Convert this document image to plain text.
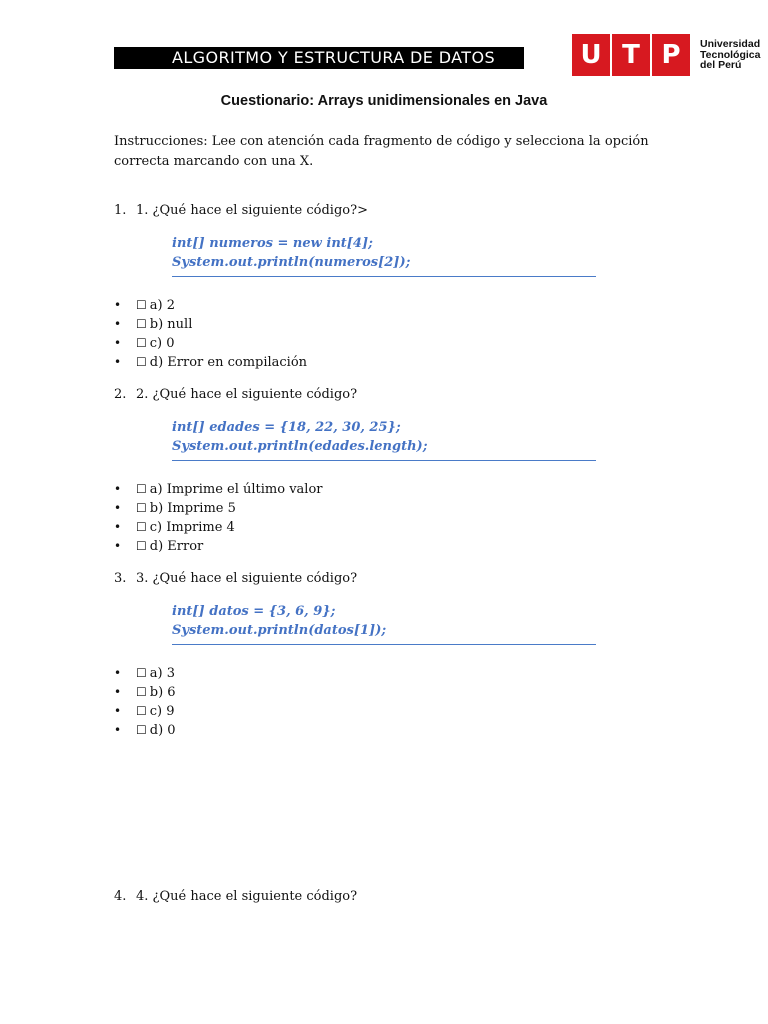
ALGORITMO Y ESTRUCTURA DE DATOS	U T P	Universidad
Tecnológica
del Perú
Cuestionario: Arrays unidimensionales en Java
Instrucciones: Lee con atención cada fragmento de código y selecciona la opción correcta marcando con una X.
1. 1. ¿Qué hace el siguiente código?>
int[] numeros = new int[4];
System.out.println(numeros[2]);
• ☐ a) 2
• ☐ b) null
• ☐ c) 0
• ☐ d) Error en compilación
2. 2. ¿Qué hace el siguiente código?
int[] edades = {18, 22, 30, 25};
System.out.println(edades.length);
• ☐ a) Imprime el último valor
• ☐ b) Imprime 5
• ☐ c) Imprime 4
• ☐ d) Error
3. 3. ¿Qué hace el siguiente código?
int[] datos = {3, 6, 9};
System.out.println(datos[1]);
• ☐ a) 3
• ☐ b) 6
• ☐ c) 9
• ☐ d) 0
4. 4. ¿Qué hace el siguiente código?
